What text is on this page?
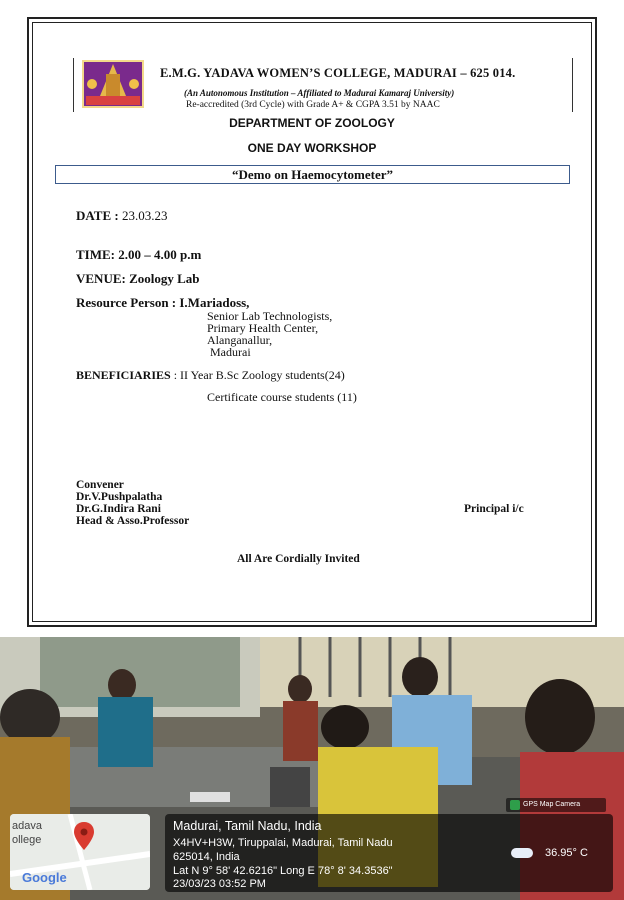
E.M.G. YADAVA WOMEN’S COLLEGE, MADURAI – 625 014.
(An Autonomous Institution – Affiliated to Madurai Kamaraj University)
Re-accredited (3rd Cycle) with Grade A+ & CGPA 3.51 by NAAC
DEPARTMENT OF ZOOLOGY
ONE DAY WORKSHOP
“Demo on Haemocytometer”
DATE : 23.03.23
TIME: 2.00 – 4.00 p.m
VENUE: Zoology Lab
Resource Person : I.Mariadoss,
Senior Lab Technologists,
Primary Health Center,
Alanganallur,
Madurai
BENEFICIARIES : II Year B.Sc Zoology students(24)
Certificate course students (11)
Convener
Dr.V.Pushpalatha
Dr.G.Indira Rani
Head & Asso.Professor
Principal i/c
All Are Cordially Invited
GPS Map Camera
adava
ollege
Google
Madurai, Tamil Nadu, India
X4HV+H3W, Tiruppalai, Madurai, Tamil Nadu
625014, India
Lat N 9° 58' 42.6216" Long E 78° 8' 34.3536"
23/03/23 03:52 PM
36.95° C
